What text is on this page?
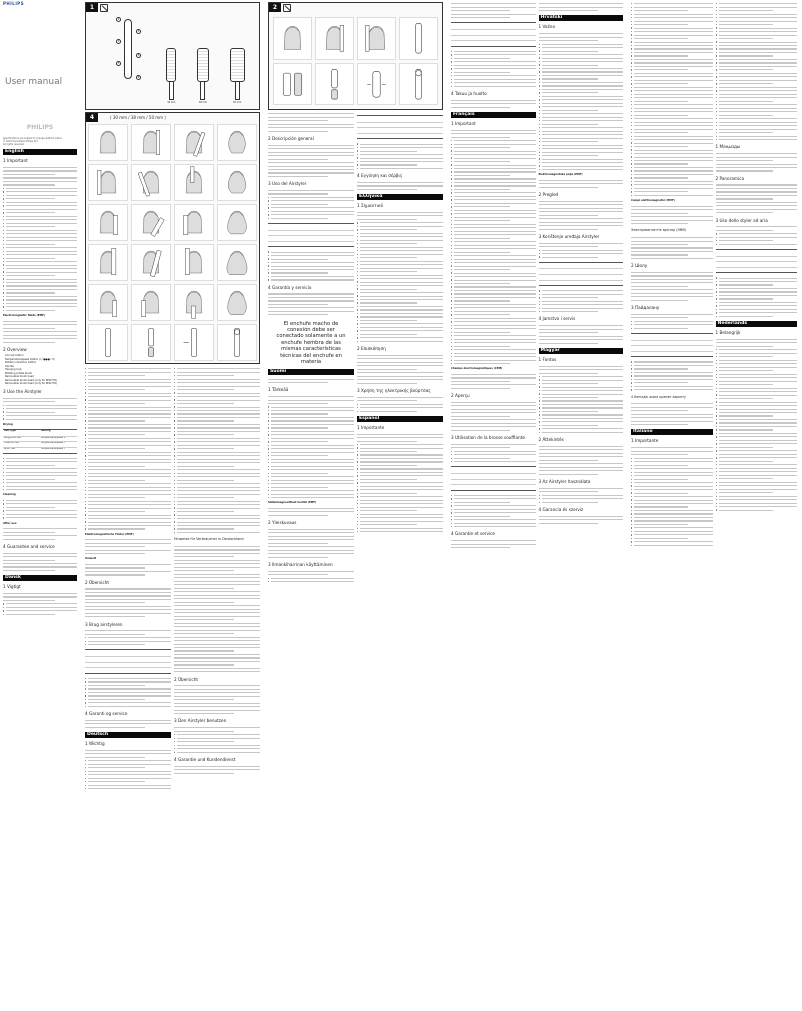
PHILIPS
User manual
PHILIPS
Specifications are subject to change without notice
© 2022 Koninklijke Philips N.V.
All rights reserved.
English
1 Important

Electromagnetic fields (EMF)

2 Overview
Cool air button
Temperature/speed button (I / ●●● / II)
Rotation direction button
Handle
Hanging loop
Rotating bristle brush
Removable brush head
Removable brush head (only for BHA735)
Removable brush head (only for BHA735)
3 Use the Airstyler

Drying
Hair type	Setting
Long/thick hair	Temperature/speed II
Fine/thin hair	Temperature/speed I
Short hair	Temperature/speed I

Cleaning

After use

4 Guarantee and service

Dansk
1 Vigtigt

1
1
2
3
4
5
6
30 mm	38 mm	50 mm
4	( 30 mm / 38 mm / 50 mm )

Elektromagnetische Felder (EMF)

Umwelt

2 Übersicht

3 Brug airstyleren

4 Garanti og service

Deutsch
1 Wichtig

Hinweise für Verbraucher in Deutschland

2 Übersicht

3 Den Airstyler benutzen

4 Garantie und Kundendienst

2

2 Descripción general

3 Uso del Airstyler

4 Garantía y servicio

El enchufe macho de conexión debe ser conectado solamente a un enchufe hembra de las mismas características técnicas del enchufe en materia
Suomi

1 Tärkeää

Sähkömagneettiset kentät (EMF)

2 Yleiskuvaus

3 Ilmankiharrinan käyttäminen

4 Εγγύηση και σέρβις

Ελληνικά
1 Σημαντικό

2 Επισκόπηση

3 Χρήση της ηλεκτρικής βούρτσας

Español
1 Importante

4 Takuu ja huolto

Français
1 Important

Champs électromagnétiques (CEM)

2 Aperçu

3 Utilisation de la brosse soufflante

4 Garantie et service

Hrvatski
1 Važno

Elektromagnetska polja (EMF)

2 Pregled

3 Korištenje uređaja Airstyler

4 Jamstvo i servis

Magyar
1 Fontos

2 Áttekintés

3 Az Airstyler használata

4 Garancia és szerviz

Campi elettromagnetici (EMF)

Электромагниттік өрістер (ЭМӨ)

2 Шолу

3 Пайдалану

4 Кепілдік және қызмет көрсету

Italiano
1 Importante

1 Маңызды

2 Panoramica

3 Uso dello styler ad aria

Nederlands
1 Belangrijk
